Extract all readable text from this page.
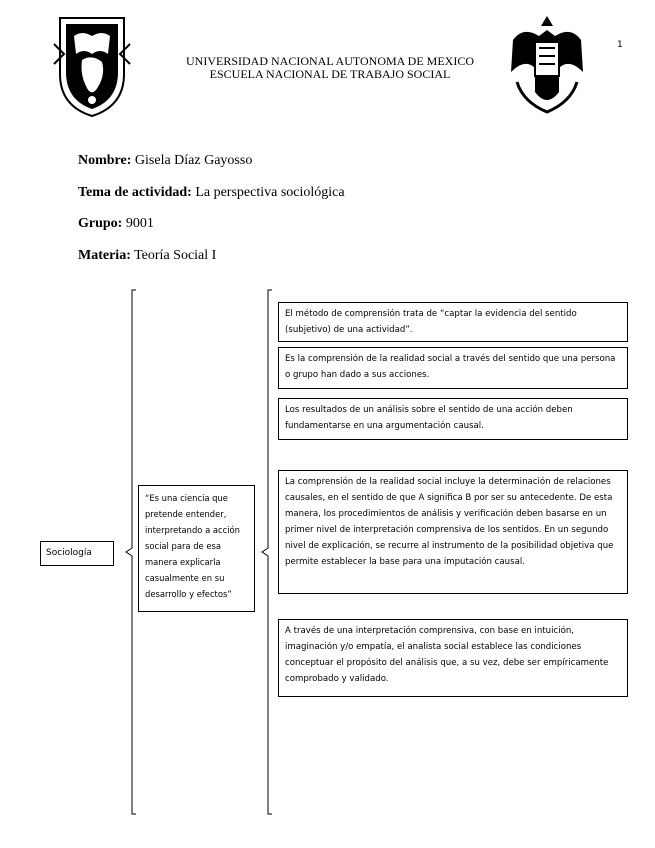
1
UNIVERSIDAD NACIONAL AUTONOMA DE MEXICO
ESCUELA NACIONAL DE TRABAJO SOCIAL
Nombre: Gisela Díaz Gayosso
Tema de actividad: La perspectiva sociológica
Grupo: 9001
Materia: Teoría Social I
Sociología
“Es una ciencia que pretende entender, interpretando a acción social para de esa manera explicarla casualmente en su desarrollo y efectos”
El método de comprensión trata de “captar la evidencia del sentido (subjetivo) de una actividad”.
Es la comprensión de la realidad social a través del sentido que una persona o grupo han dado a sus acciones.
Los resultados de un análisis sobre el sentido de una acción deben fundamentarse en una argumentación causal.
La comprensión de la realidad social incluye la determinación de relaciones causales, en el sentido de que A significa B por ser su antecedente. De esta manera, los procedimientos de análisis y verificación deben basarse en un primer nivel de interpretación comprensiva de los sentidos. En un segundo nivel de explicación, se recurre al instrumento de la posibilidad objetiva que permite establecer la base para una imputación causal.
A través de una interpretación comprensiva, con base en intuición, imaginación y/o empatía, el analista social establece las condiciones conceptuar el propósito del análisis que, a su vez, debe ser empíricamente comprobado y validado.
